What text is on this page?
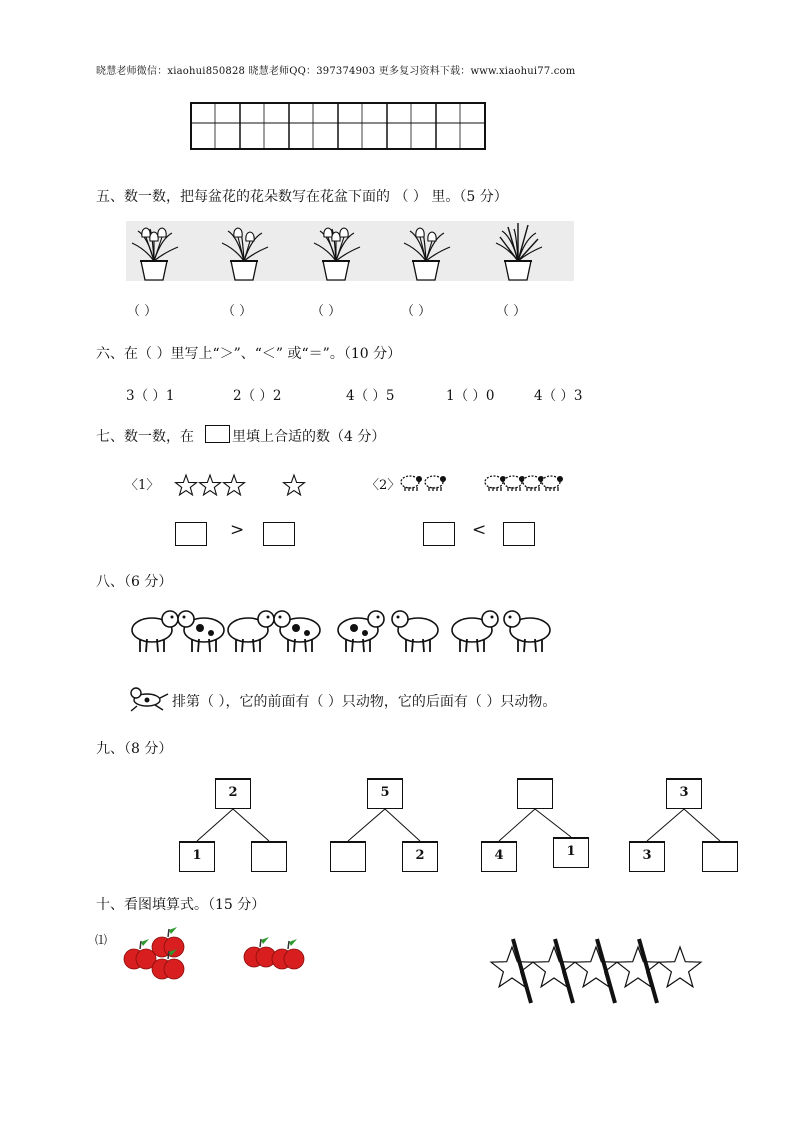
晓慧老师微信：xiaohui850828 晓慧老师QQ：397374903 更多复习资料下载：www.xiaohui77.com
五、数一数，把每盆花的花朵数写在花盆下面的 （ ） 里。（5 分）
（ ）	（ ）	（ ）	（ ）	（ ）
六、在（ ）里写上“＞”、“＜” 或“＝”。（10 分）
3（ ）1	2（ ）2	4（ ）5	1（ ）0	4（ ）3
七、数一数，在	里填上合适的数（4 分）
〈1〉	〈2〉
>	<
八、（6 分）
排第（ ），它的前面有（ ）只动物，它的后面有（ ）只动物。
九、（8 分）
2
1
5
2	4	1
3
3
十、看图填算式。（15 分）
⑴
